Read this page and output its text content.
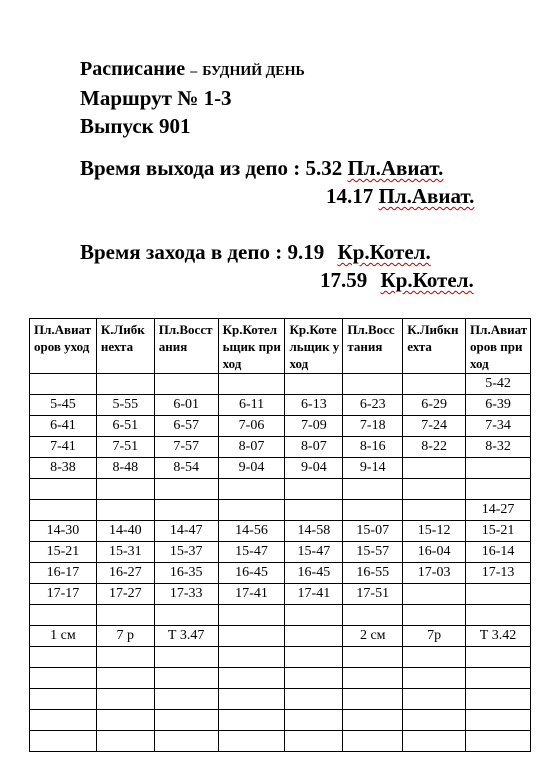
Расписание – БУДНИЙ ДЕНЬ
Маршрут № 1-3
Выпуск 901
Время выхода из депо : 5.32 Пл.Авиат.
14.17 Пл.Авиат.
Время захода в депо : 9.19 Кр.Котел.
17.59 Кр.Котел.
Пл.Авиаторов уход	К.Либкнехта	Пл.Восстания	Кр.Котельщик приход	Кр.Котельщик уход	Пл.Восстания	К.Либкнехта	Пл.Авиаторов приход
							5-42
5-45	5-55	6-01	6-11	6-13	6-23	6-29	6-39
6-41	6-51	6-57	7-06	7-09	7-18	7-24	7-34
7-41	7-51	7-57	8-07	8-07	8-16	8-22	8-32
8-38	8-48	8-54	9-04	9-04	9-14		

							14-27
14-30	14-40	14-47	14-56	14-58	15-07	15-12	15-21
15-21	15-31	15-37	15-47	15-47	15-57	16-04	16-14
16-17	16-27	16-35	16-45	16-45	16-55	17-03	17-13
17-17	17-27	17-33	17-41	17-41	17-51		

1 см	7 р	Т 3.47			2 см	7р	Т 3.42
